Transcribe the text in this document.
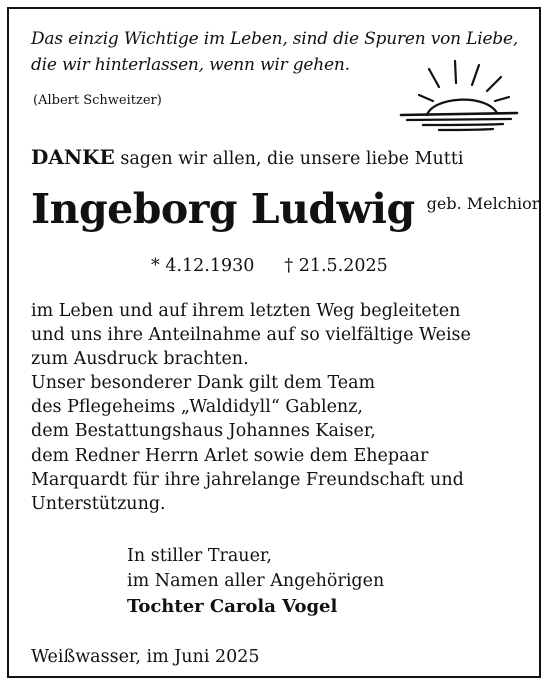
Das einzig Wichtige im Leben, sind die Spuren von Liebe,
die wir hinterlassen, wenn wir gehen.
(Albert Schweitzer)
DANKE sagen wir allen, die unsere liebe Mutti
Ingeborg Ludwig geb. Melchior
* 4.12.1930 † 21.5.2025
im Leben und auf ihrem letzten Weg begleiteten
und uns ihre Anteilnahme auf so vielfältige Weise
zum Ausdruck brachten.
Unser besonderer Dank gilt dem Team
des Pflegeheims „Waldidyll“ Gablenz,
dem Bestattungshaus Johannes Kaiser,
dem Redner Herrn Arlet sowie dem Ehepaar
Marquardt für ihre jahrelange Freundschaft und
Unterstützung.
In stiller Trauer,
im Namen aller Angehörigen
Tochter Carola Vogel
Weißwasser, im Juni 2025
